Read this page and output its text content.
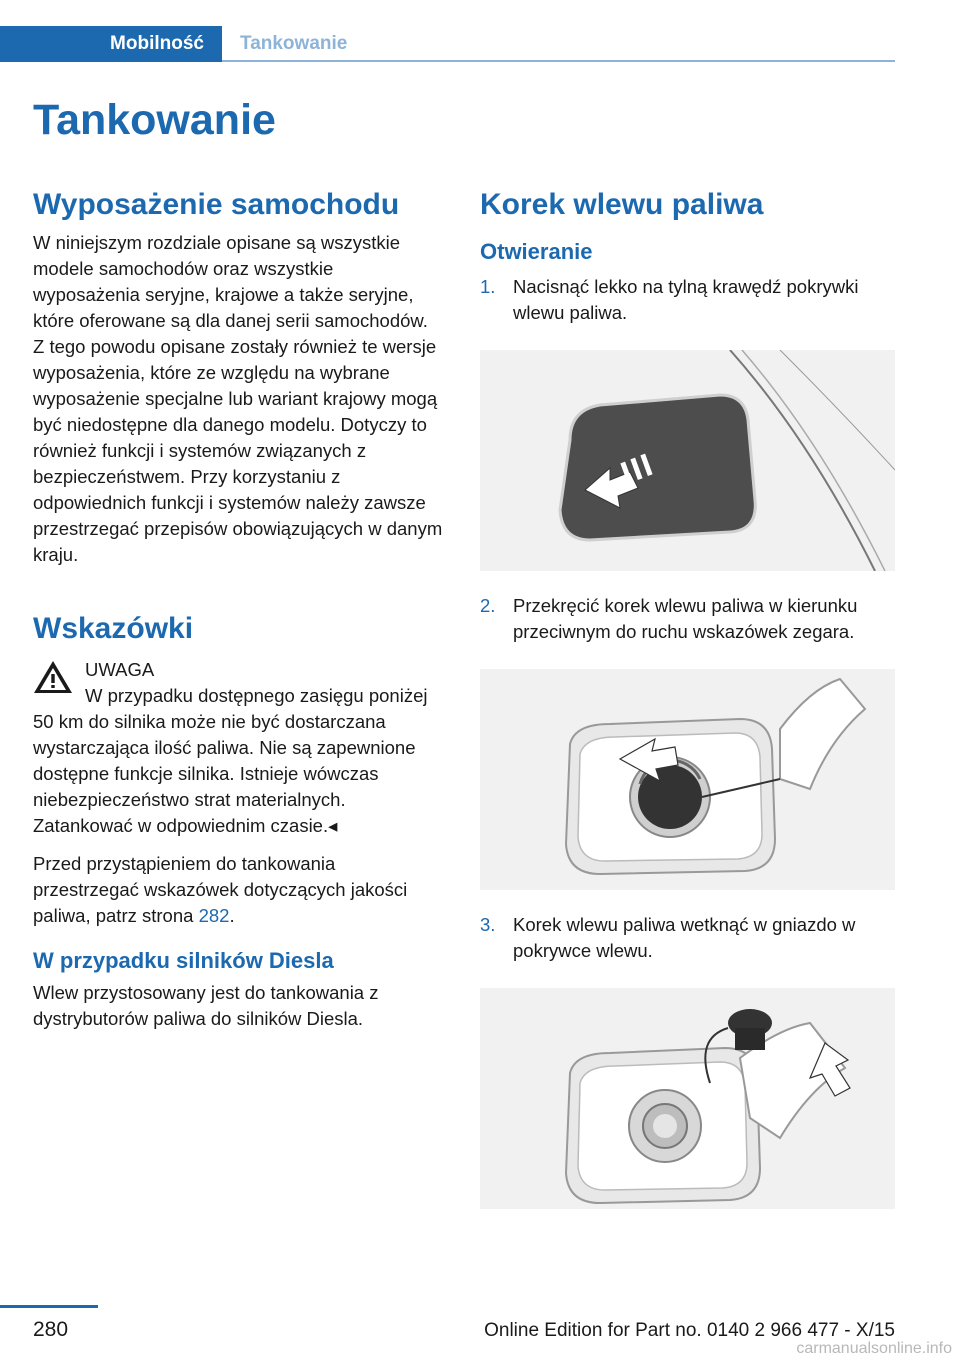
Mobilność	Tankowanie
Tankowanie
Wyposażenie samochodu

W niniejszym rozdziale opisane są wszystkie modele samochodów oraz wszystkie wyposażenia seryjne, krajowe a także seryjne, które oferowane są dla danej serii samochodów. Z tego powodu opisane zostały również te wersje wyposażenia, które ze względu na wybrane wyposażenie specjalne lub wariant krajowy mogą być niedostępne dla danego modelu. Dotyczy to również funkcji i systemów związanych z bezpieczeństwem. Przy korzystaniu z odpowiednich funkcji i systemów należy zawsze przestrzegać przepisów obowiązujących w danym kraju.

Wskazówki
UWAGA

W przypadku dostępnego zasięgu poniżej 50 km do silnika może nie być dostarczana wystarczająca ilość paliwa. Nie są zapewnione dostępne funkcje silnika. Istnieje wówczas niebezpieczeństwo strat materialnych. Zatankować w odpowiednim czasie.◂

Przed przystąpieniem do tankowania przestrzegać wskazówek dotyczących jakości paliwa, patrz strona 282.

W przypadku silników Diesla

Wlew przystosowany jest do tankowania z dystrybutorów paliwa do silników Diesla.

Korek wlewu paliwa
Otwieranie
1. Nacisnąć lekko na tylną krawędź pokrywki wlewu paliwa.
2. Przekręcić korek wlewu paliwa w kierunku przeciwnym do ruchu wskazówek zegara.
3. Korek wlewu paliwa wetknąć w gniazdo w pokrywce wlewu.
280	Online Edition for Part no. 0140 2 966 477 - X/15
carmanualsonline.info
